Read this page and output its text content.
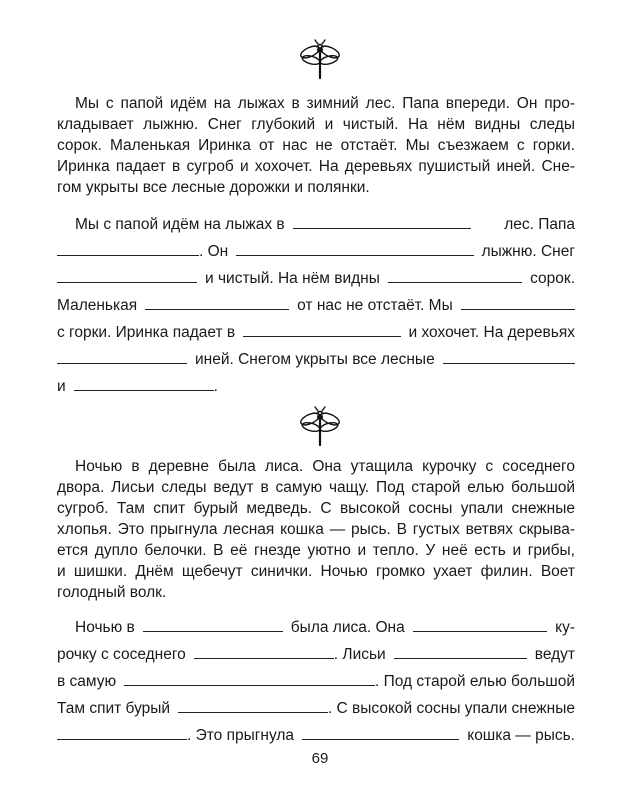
Мы с папой идём на лыжах в зимний лес. Папа впереди. Он про-

кладывает лыжню. Снег глубокий и чистый. На нём видны следы

сорок. Маленькая Иринка от нас не отстаёт. Мы съезжаем с горки.

Иринка падает в сугроб и хохочет. На деревьях пушистый иней. Сне-

гом укрыты все лесные дорожки и полянки.

Мы с папой идём на лыжах в	лес. Папа
. Он	лыжню. Снег
и чистый. На нём видны	сорок.
Маленькая	от нас не отстаёт. Мы
с горки. Иринка падает в	и хохочет. На деревьях
иней. Снегом укрыты все лесные
и	.

Ночью в деревне была лиса. Она утащила курочку с соседнего

двора. Лисьи следы ведут в самую чащу. Под старой елью большой

сугроб. Там спит бурый медведь. С высокой сосны упали снежные

хлопья. Это прыгнула лесная кошка — рысь. В густых ветвях скрыва-

ется дупло белочки. В её гнезде уютно и тепло. У неё есть и грибы,

и шишки. Днём щебечут синички. Ночью громко ухает филин. Воет

голодный волк.

Ночью в	была лиса. Она	ку-
рочку с соседнего	. Лисьи	ведут
в самую	. Под старой елью большой
Там спит бурый	. С высокой сосны упали снежные
. Это прыгнула	кошка — рысь.
69
